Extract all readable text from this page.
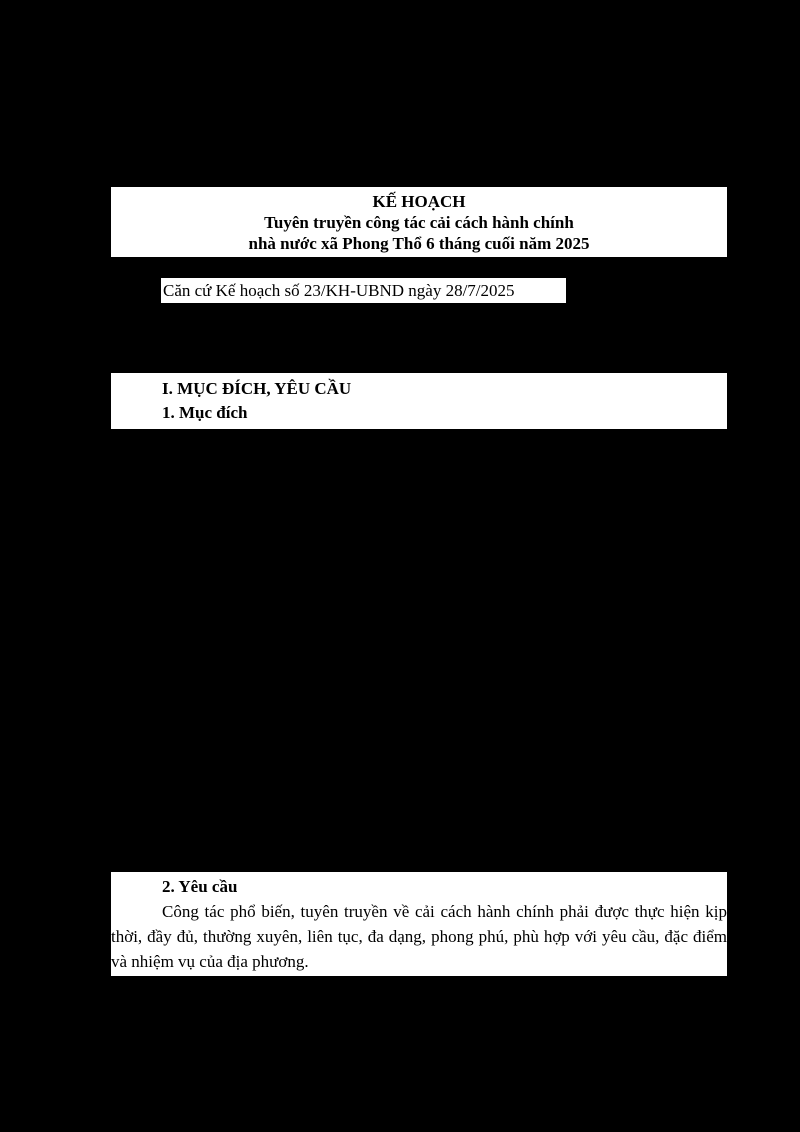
KẾ HOẠCH
Tuyên truyền công tác cải cách hành chính
nhà nước xã Phong Thổ 6 tháng cuối năm 2025
Căn cứ Kế hoạch số 23/KH-UBND ngày 28/7/2025
I. MỤC ĐÍCH, YÊU CẦU
1. Mục đích
2. Yêu cầu
Công tác phổ biến, tuyên truyền về cải cách hành chính phải được thực hiện kịp thời, đầy đủ, thường xuyên, liên tục, đa dạng, phong phú, phù hợp với yêu cầu, đặc điểm và nhiệm vụ của địa phương.
